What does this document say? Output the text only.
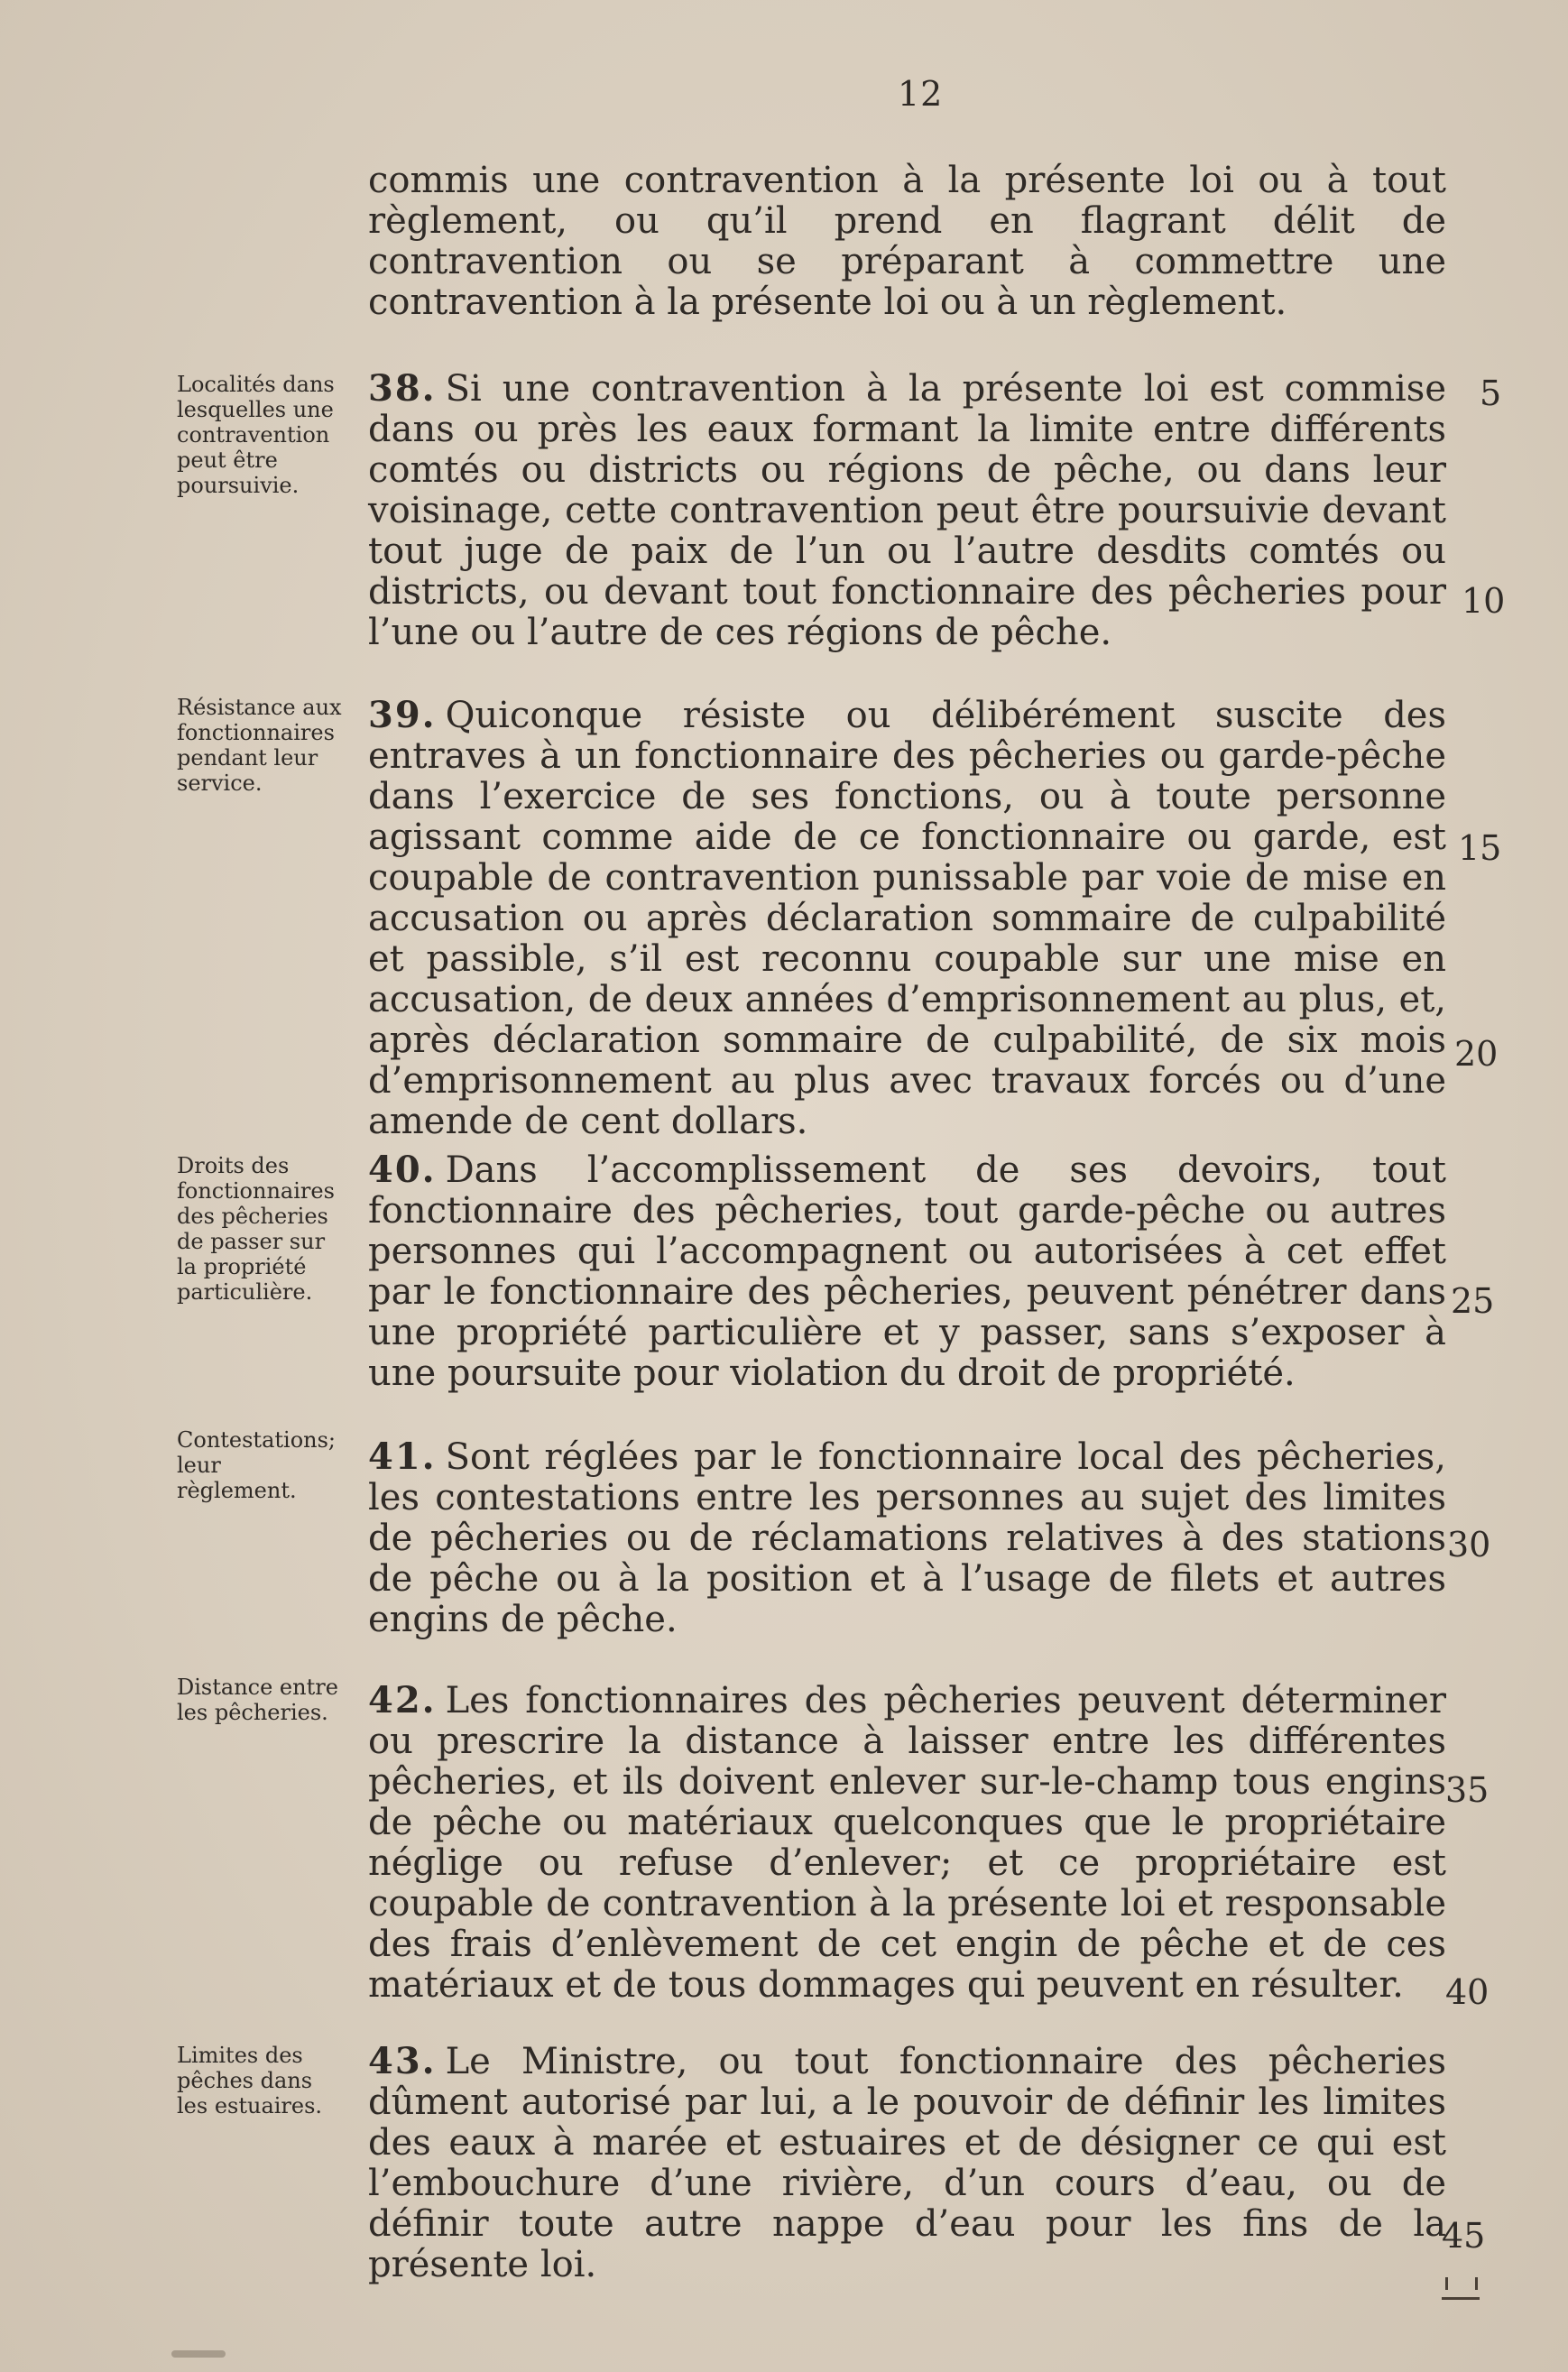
12
commis une contravention à la présente loi ou à tout règlement, ou qu’il prend en flagrant délit de contravention ou se préparant à commettre une contravention à la présente loi ou à un règlement.
Localités dans lesquelles une contravention peut être poursuivie.
38. Si une contravention à la présente loi est commise dans ou près les eaux formant la limite entre différents comtés ou districts ou régions de pêche, ou dans leur voisinage, cette contravention peut être poursuivie devant tout juge de paix de l’un ou l’autre desdits comtés ou districts, ou devant tout fonctionnaire des pêcheries pour l’une ou l’autre de ces régions de pêche.
Résistance aux fonctionnaires pendant leur service.
39. Quiconque résiste ou délibérément suscite des entraves à un fonctionnaire des pêcheries ou garde-pêche dans l’exercice de ses fonctions, ou à toute personne agissant comme aide de ce fonctionnaire ou garde, est coupable de contravention punissable par voie de mise en accusation ou après déclaration sommaire de culpabilité et passible, s’il est reconnu coupable sur une mise en accusation, de deux années d’emprisonnement au plus, et, après déclaration sommaire de culpabilité, de six mois d’emprisonnement au plus avec travaux forcés ou d’une amende de cent dollars.
Droits des fonctionnaires des pêcheries de passer sur la propriété particulière.
40. Dans l’accomplissement de ses devoirs, tout fonctionnaire des pêcheries, tout garde-pêche ou autres personnes qui l’accompagnent ou autorisées à cet effet par le fonctionnaire des pêcheries, peuvent pénétrer dans une propriété particulière et y passer, sans s’exposer à une poursuite pour violation du droit de propriété.
Contestations; leur règlement.
41. Sont réglées par le fonctionnaire local des pêcheries, les contestations entre les personnes au sujet des limites de pêcheries ou de réclamations relatives à des stations de pêche ou à la position et à l’usage de filets et autres engins de pêche.
Distance entre les pêcheries.	42. Les fonctionnaires des pêcheries peuvent déterminer ou prescrire la distance à laisser entre les différentes pêcheries, et ils doivent enlever sur-le-champ tous engins de pêche ou matériaux quelconques que le propriétaire néglige ou refuse d’enlever; et ce propriétaire est coupable de contravention à la présente loi et responsable des frais d’enlèvement de cet engin de pêche et de ces matériaux et de tous dommages qui peuvent en résulter.
Limites des pêches dans les estuaires.
43. Le Ministre, ou tout fonctionnaire des pêcheries dûment autorisé par lui, a le pouvoir de définir les limites des eaux à marée et estuaires et de désigner ce qui est l’embouchure d’une rivière, d’un cours d’eau, ou de définir toute autre nappe d’eau pour les fins de la présente loi.
5
10
15
20
25
30
35
40
45
